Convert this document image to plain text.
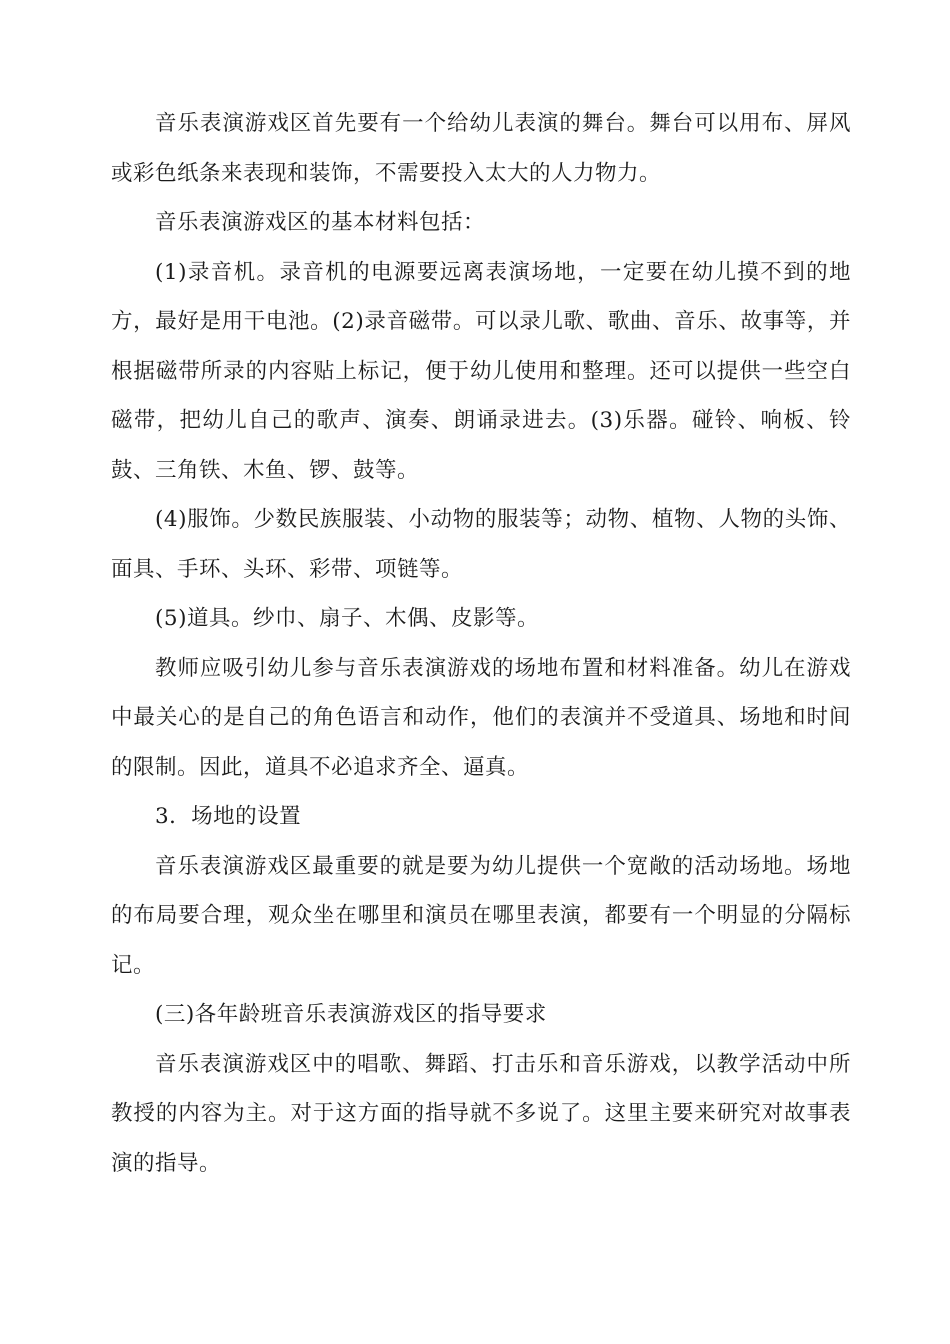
音乐表演游戏区首先要有一个给幼儿表演的舞台。舞台可以用布、屏风或彩色纸条来表现和装饰，不需要投入太大的人力物力。

音乐表演游戏区的基本材料包括：

(1)录音机。录音机的电源要远离表演场地，一定要在幼儿摸不到的地方，最好是用干电池。(2)录音磁带。可以录儿歌、歌曲、音乐、故事等，并根据磁带所录的内容贴上标记，便于幼儿使用和整理。还可以提供一些空白磁带，把幼儿自己的歌声、演奏、朗诵录进去。(3)乐器。碰铃、响板、铃鼓、三角铁、木鱼、锣、鼓等。

(4)服饰。少数民族服装、小动物的服装等；动物、植物、人物的头饰、面具、手环、头环、彩带、项链等。

(5)道具。纱巾、扇子、木偶、皮影等。

教师应吸引幼儿参与音乐表演游戏的场地布置和材料准备。幼儿在游戏中最关心的是自己的角色语言和动作，他们的表演并不受道具、场地和时间的限制。因此，道具不必追求齐全、逼真。

3．场地的设置

音乐表演游戏区最重要的就是要为幼儿提供一个宽敞的活动场地。场地的布局要合理，观众坐在哪里和演员在哪里表演，都要有一个明显的分隔标记。

(三)各年龄班音乐表演游戏区的指导要求

音乐表演游戏区中的唱歌、舞蹈、打击乐和音乐游戏，以教学活动中所教授的内容为主。对于这方面的指导就不多说了。这里主要来研究对故事表演的指导。
